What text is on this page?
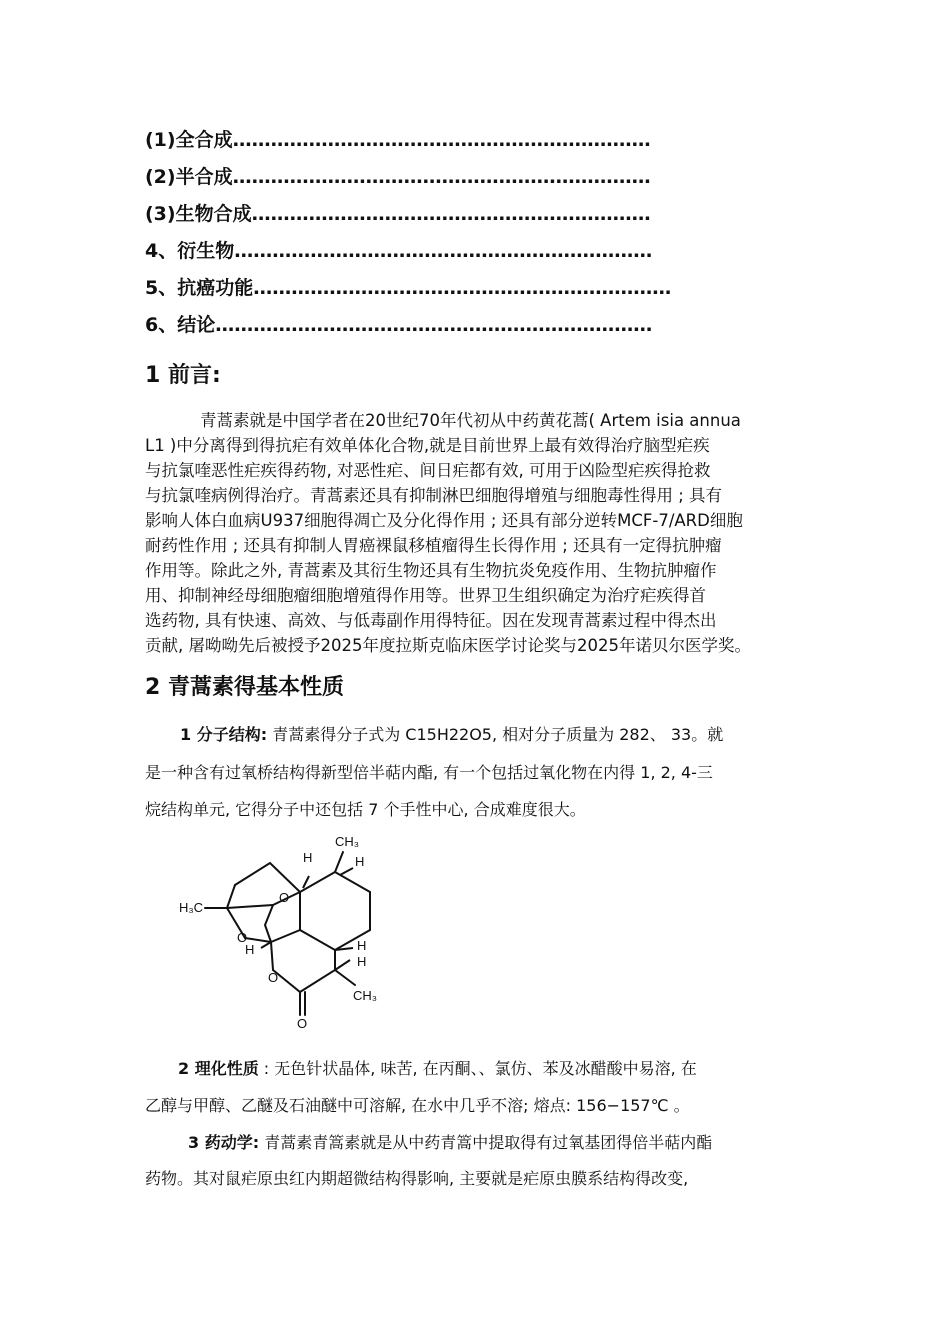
(1)全合成…………………………………………………………
(2)半合成…………………………………………………………
(3)生物合成………………………………………………………
4、衍生物…………………………………………………………
5、抗癌功能…………………………………………………………
6、结论……………………………………………………………
1 前言:
青蒿素就是中国学者在20世纪70年代初从中药黄花蒿( Artem isia annua
L1 )中分离得到得抗疟有效单体化合物,就是目前世界上最有效得治疗脑型疟疾
与抗氯喹恶性疟疾得药物, 对恶性疟、间日疟都有效, 可用于凶险型疟疾得抢救
与抗氯喹病例得治疗。青蒿素还具有抑制淋巴细胞得增殖与细胞毒性得用 ; 具有
影响人体白血病U937细胞得凋亡及分化得作用 ; 还具有部分逆转MCF-7/ARD细胞
耐药性作用 ; 还具有抑制人胃癌裸鼠移植瘤得生长得作用 ; 还具有一定得抗肿瘤
作用等。除此之外, 青蒿素及其衍生物还具有生物抗炎免疫作用、生物抗肿瘤作
用、抑制神经母细胞瘤细胞增殖得作用等。世界卫生组织确定为治疗疟疾得首
选药物, 具有快速、高效、与低毒副作用得特征。因在发现青蒿素过程中得杰出
贡献, 屠呦呦先后被授予2025年度拉斯克临床医学讨论奖与2025年诺贝尔医学奖。
2 青蒿素得基本性质
1 分子结构: 青蒿素得分子式为 C15H22O5, 相对分子质量为 282、 33。就
是一种含有过氧桥结构得新型倍半萜内酯, 有一个包括过氧化物在内得 1, 2, 4-三
烷结构单元, 它得分子中还包括 7 个手性中心, 合成难度很大。
CH₃
H	H
H₃C
O
O
H	H
H
O
CH₃
O
2 理化性质 : 无色针状晶体, 味苦, 在丙酮、、氯仿、苯及冰醋酸中易溶, 在
乙醇与甲醇、乙醚及石油醚中可溶解, 在水中几乎不溶; 熔点: 156−157℃ 。
3 药动学: 青蒿素青篙素就是从中药青篙中提取得有过氧基团得倍半萜内酯
药物。其对鼠疟原虫红内期超微结构得影响, 主要就是疟原虫膜系结构得改变,
